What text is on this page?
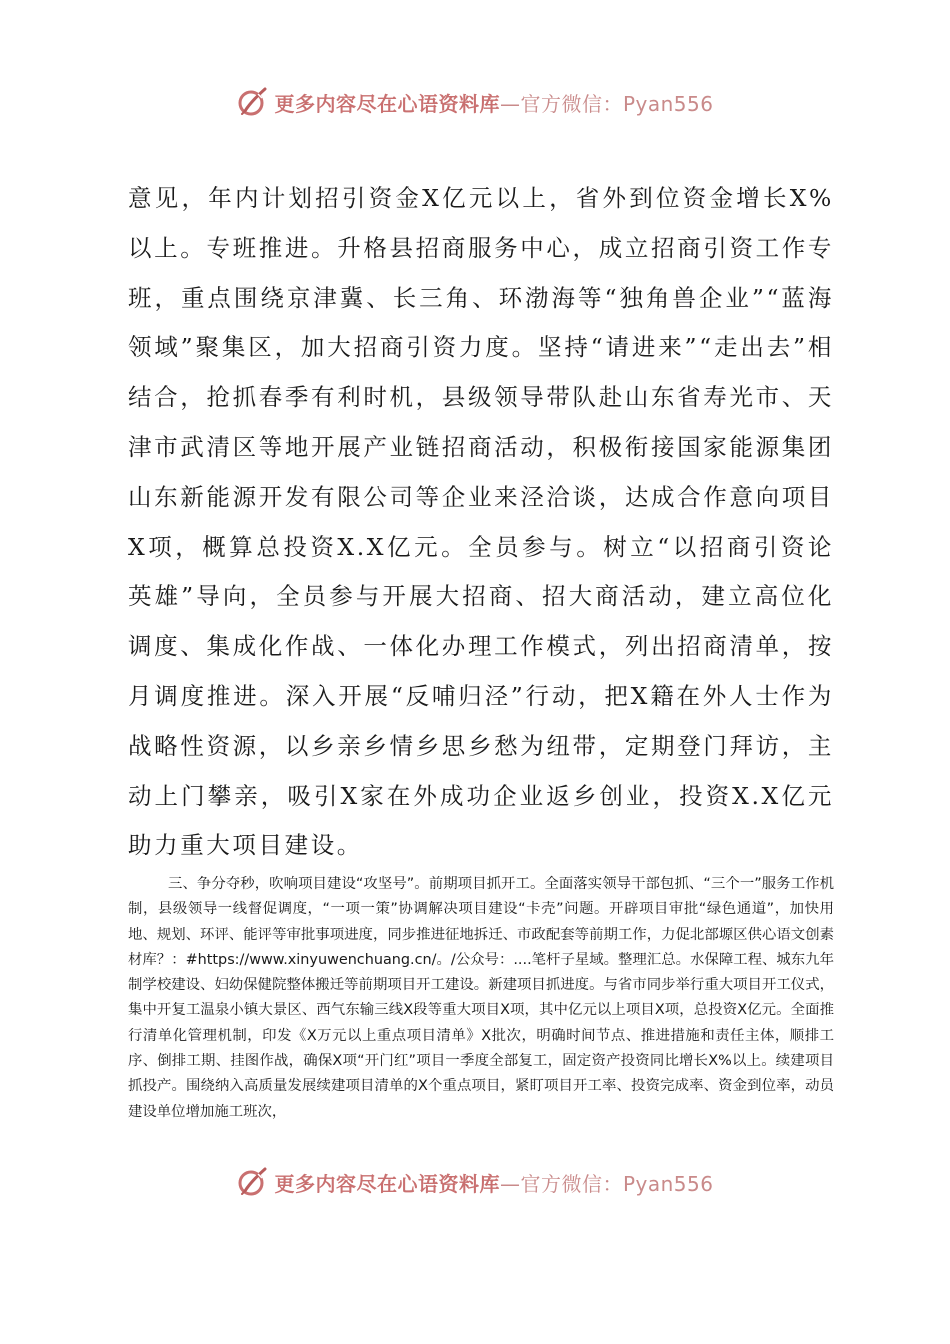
更多内容尽在心语资料库—官方微信：Pyan556

意见，年内计划招引资金X亿元以上，省外到位资金增长X%以上。专班推进。升格县招商服务中心，成立招商引资工作专班，重点围绕京津冀、长三角、环渤海等“独角兽企业”“蓝海领域”聚集区，加大招商引资力度。坚持“请进来”“走出去”相结合，抢抓春季有利时机，县级领导带队赴山东省寿光市、天津市武清区等地开展产业链招商活动，积极衔接国家能源集团山东新能源开发有限公司等企业来泾洽谈，达成合作意向项目X项，概算总投资X.X亿元。全员参与。树立“以招商引资论英雄”导向，全员参与开展大招商、招大商活动，建立高位化调度、集成化作战、一体化办理工作模式，列出招商清单，按月调度推进。深入开展“反哺归泾”行动，把X籍在外人士作为战略性资源，以乡亲乡情乡思乡愁为纽带，定期登门拜访，主动上门攀亲，吸引X家在外成功企业返乡创业，投资X.X亿元助力重大项目建设。

三、争分夺秒，吹响项目建设“攻坚号”。前期项目抓开工。全面落实领导干部包抓、“三个一”服务工作机制，县级领导一线督促调度，“一项一策”协调解决项目建设“卡壳”问题。开辟项目审批“绿色通道”，加快用地、规划、环评、能评等审批事项进度，同步推进征地拆迁、市政配套等前期工作，力促北部塬区供心语文创素材库？：#https://www.xinyuwenchuang.cn/。/公众号：....笔杆子星域。整理汇总。水保障工程、城东九年制学校建设、妇幼保健院整体搬迁等前期项目开工建设。新建项目抓进度。与省市同步举行重大项目开工仪式，集中开复工温泉小镇大景区、西气东输三线X段等重大项目X项，其中亿元以上项目X项，总投资X亿元。全面推行清单化管理机制，印发《X万元以上重点项目清单》X批次，明确时间节点、推进措施和责任主体，顺排工序、倒排工期、挂图作战，确保X项“开门红”项目一季度全部复工，固定资产投资同比增长X%以上。续建项目抓投产。围绕纳入高质量发展续建项目清单的X个重点项目，紧盯项目开工率、投资完成率、资金到位率，动员建设单位增加施工班次，

更多内容尽在心语资料库—官方微信：Pyan556
